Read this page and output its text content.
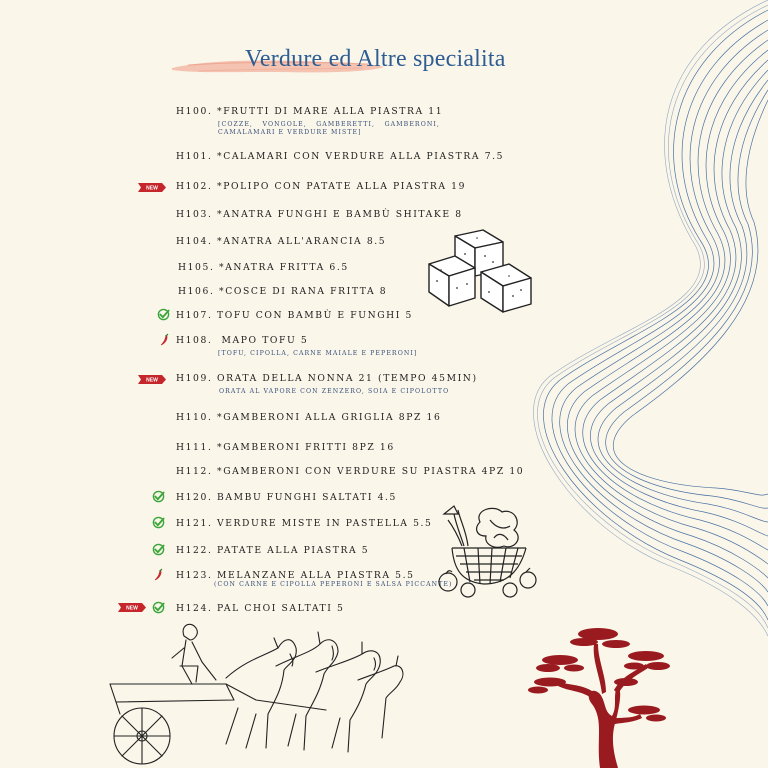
Verdure ed Altre specialita
H100. *FRUTTI DI MARE ALLA PIASTRA 11
[COZZE, VONGOLE, GAMBERETTI, GAMBERONI, CAMALAMARI E VERDURE MISTE]
H101. *CALAMARI CON VERDURE ALLA PIASTRA 7.5
NEW H102. *POLIPO CON PATATE ALLA PIASTRA 19
H103. *ANATRA FUNGHI E BAMBÙ SHITAKE 8
H104. *ANATRA ALL'ARANCIA 8.5
H105. *ANATRA FRITTA 6.5
H106. *COSCE DI RANA FRITTA 8
H107. TOFU CON BAMBÙ E FUNGHI 5
H108. MAPO TOFU 5
[TOFU, CIPOLLA, CARNE MAIALE E PEPERONI]
NEW H109. ORATA DELLA NONNA 21 (TEMPO 45MIN)
ORATA AL VAPORE CON ZENZERO, SOIA E CIPOLOTTO
H110. *GAMBERONI ALLA GRIGLIA 8PZ 16
H111. *GAMBERONI FRITTI 8PZ 16
H112. *GAMBERONI CON VERDURE SU PIASTRA 4PZ 10
H120. BAMBU FUNGHI SALTATI 4.5
H121. VERDURE MISTE IN PASTELLA 5.5
H122. PATATE ALLA PIASTRA 5
H123. MELANZANE ALLA PIASTRA 5.5
(CON CARNE E CIPOLLA PEPERONI E SALSA PICCANTE)
NEW	H124. PAL CHOI SALTATI 5
